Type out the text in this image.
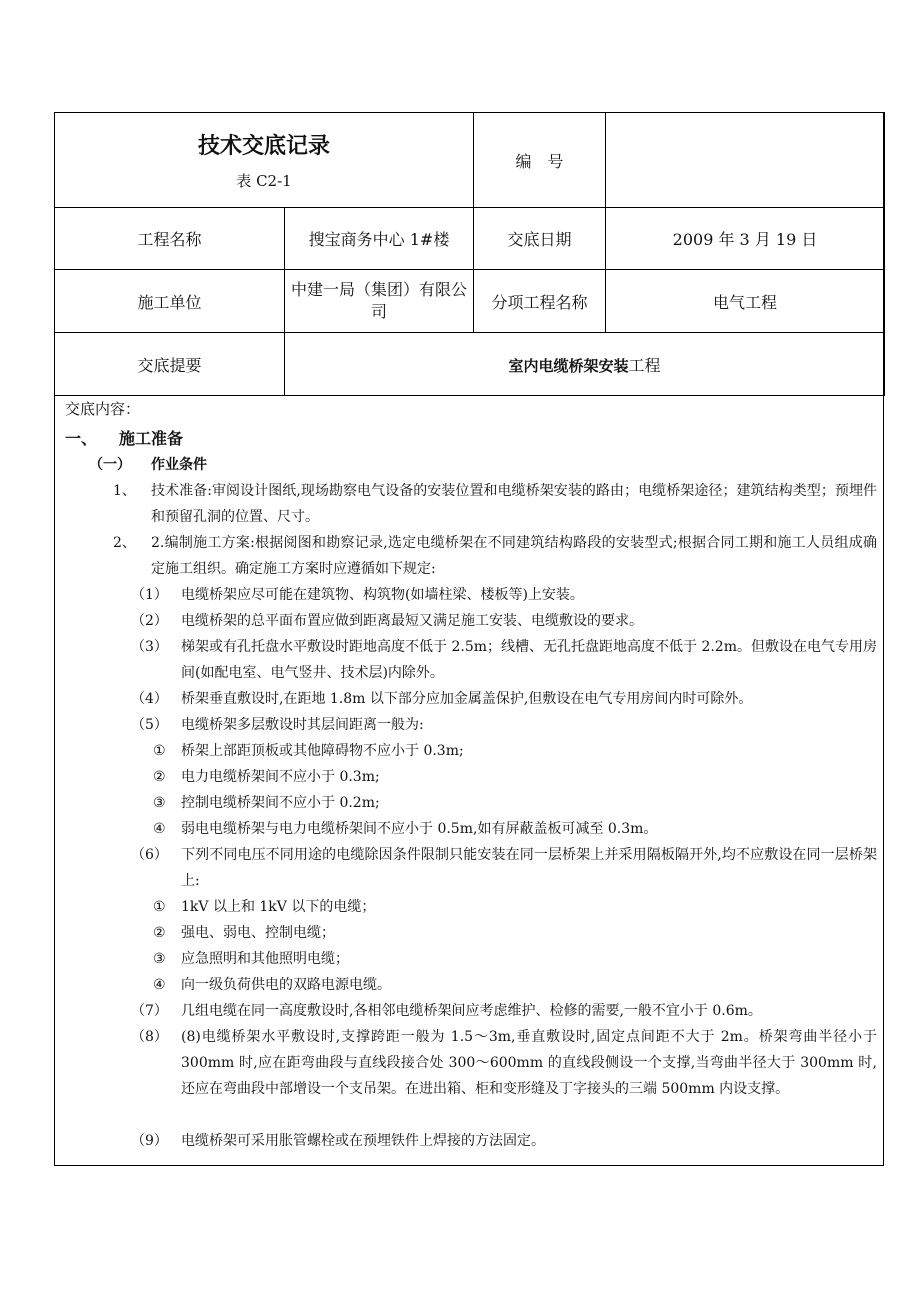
技术交底记录
表 C2-1		编　号	
工程名称	搜宝商务中心 1#楼	交底日期	2009 年 3 月 19 日
施工单位	中建一局（集团）有限公司	分项工程名称	电气工程
交底提要	室内电缆桥架安装工程		
交底内容：
一、 施工准备
（一） 作业条件
1、 技术准备:审阅设计图纸,现场勘察电气设备的安装位置和电缆桥架安装的路由；电缆桥架途径；建筑结构类型；预埋件和预留孔洞的位置、尺寸。
2、 2.编制施工方案:根据阅图和勘察记录,选定电缆桥架在不同建筑结构路段的安装型式;根据合同工期和施工人员组成确定施工组织。确定施工方案时应遵循如下规定:
（1） 电缆桥架应尽可能在建筑物、构筑物(如墙柱梁、楼板等)上安装。
（2） 电缆桥架的总平面布置应做到距离最短又满足施工安装、电缆敷设的要求。
（3） 梯架或有孔托盘水平敷设时距地高度不低于 2.5m；线槽、无孔托盘距地高度不低于 2.2m。但敷设在电气专用房间(如配电室、电气竖井、技术层)内除外。
（4） 桥架垂直敷设时,在距地 1.8m 以下部分应加金属盖保护,但敷设在电气专用房间内时可除外。
（5） 电缆桥架多层敷设时其层间距离一般为:
① 桥架上部距顶板或其他障碍物不应小于 0.3m;
② 电力电缆桥架间不应小于 0.3m;
③ 控制电缆桥架间不应小于 0.2m;
④ 弱电电缆桥架与电力电缆桥架间不应小于 0.5m,如有屏蔽盖板可减至 0.3m。
（6） 下列不同电压不同用途的电缆除因条件限制只能安装在同一层桥架上并采用隔板隔开外,均不应敷设在同一层桥架上:
① 1kV 以上和 1kV 以下的电缆；
② 强电、弱电、控制电缆；
③ 应急照明和其他照明电缆；
④ 向一级负荷供电的双路电源电缆。
（7） 几组电缆在同一高度敷设时,各相邻电缆桥架间应考虑维护、检修的需要,一般不宜小于 0.6m。
（8） (8)电缆桥架水平敷设时,支撑跨距一般为 1.5～3m,垂直敷设时,固定点间距不大于 2m。桥架弯曲半径小于 300mm 时,应在距弯曲段与直线段接合处 300～600mm 的直线段侧设一个支撑,当弯曲半径大于 300mm 时,还应在弯曲段中部增设一个支吊架。在进出箱、柜和变形缝及丁字接头的三端 500mm 内设支撑。
（9） 电缆桥架可采用胀管螺栓或在预埋铁件上焊接的方法固定。
